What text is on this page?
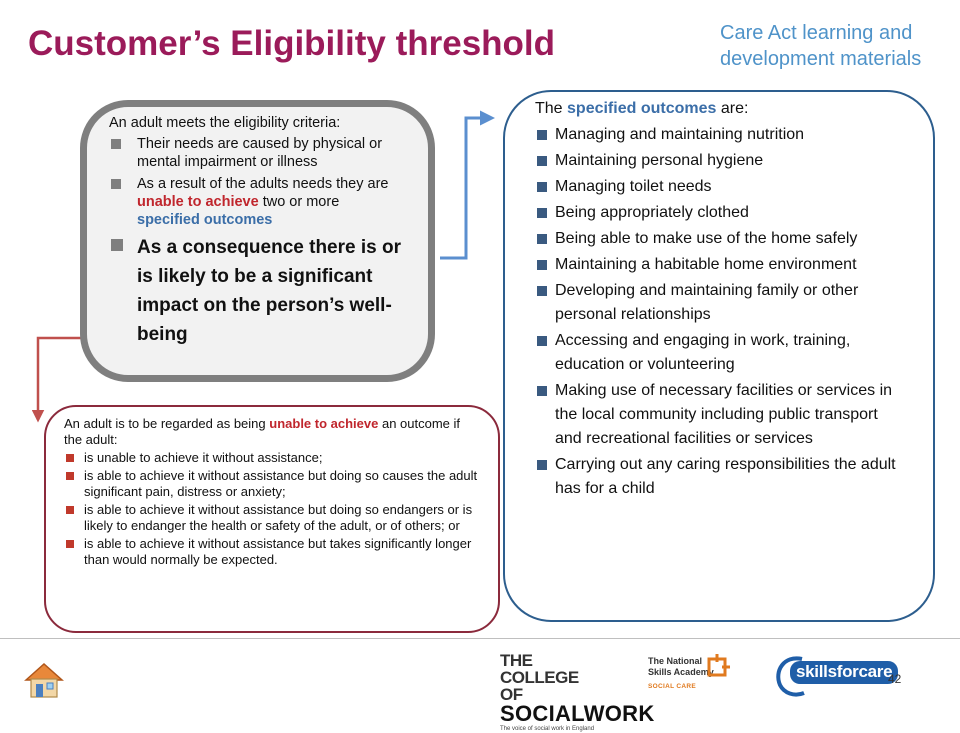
Customer’s Eligibility threshold	Care Act learning and
development materials

An adult meets the eligibility criteria:

Their needs are caused by physical or mental impairment or illness
As a result of the adults needs they are unable to achieve two or more specified outcomes
As a consequence there is or is likely to be a significant impact on the person’s well-being

An adult is to be regarded as being unable to achieve an outcome if the adult:

is unable to achieve it without assistance;
is able to achieve it without assistance but doing so causes the adult significant pain, distress or anxiety;
is able to achieve it without assistance but doing so endangers or is likely to endanger the health or safety of the adult, or of others; or
is able to achieve it without assistance but takes significantly longer than would normally be expected.

The specified outcomes are:

Managing and maintaining nutrition
Maintaining personal hygiene
Managing toilet needs
Being appropriately clothed
Being able to make use of the home safely
Maintaining a habitable home environment
Developing and maintaining family or other personal relationships
Accessing and engaging in work, training, education or volunteering
Making use of necessary facilities or services in the local community including public transport and recreational facilities or services
Carrying out any caring responsibilities the adult has for a child
THE COLLEGE OF
SOCIALWORK
The voice of social work in England
The National
Skills Academy
SOCIAL CARE
skillsforcare
42
